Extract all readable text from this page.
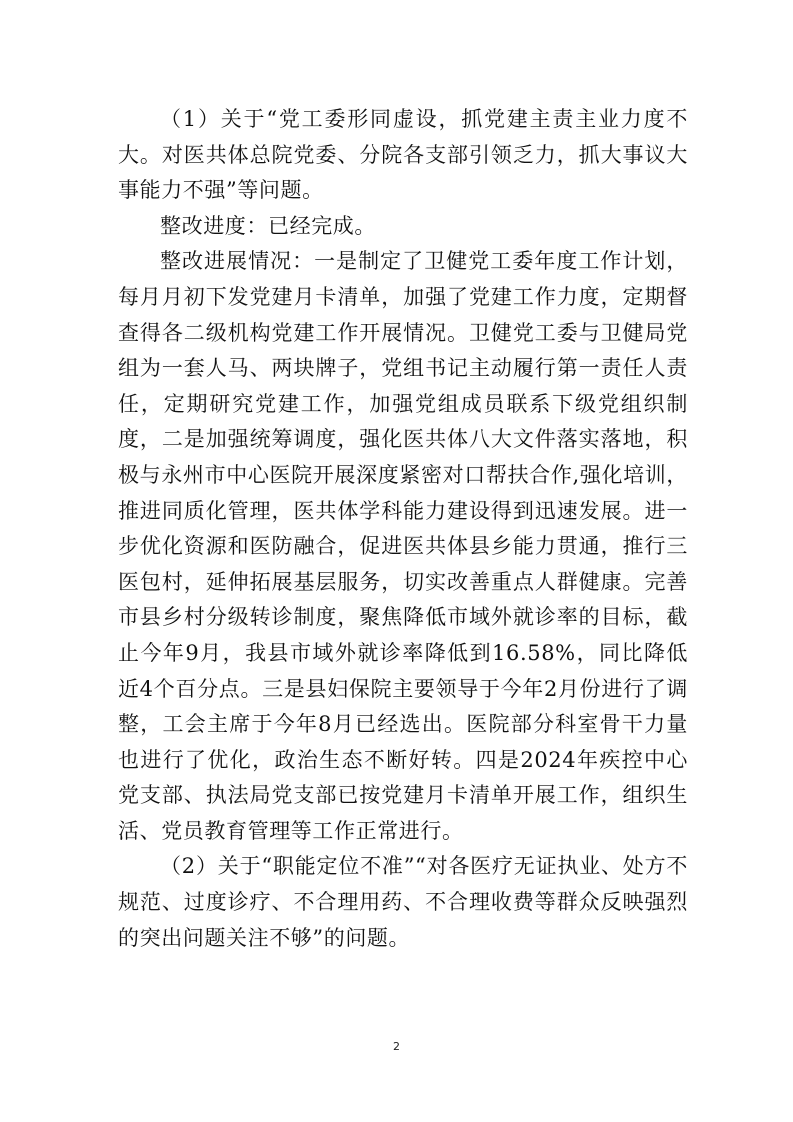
（1）关于“党工委形同虚设，抓党建主责主业力度不大。对医共体总院党委、分院各支部引领乏力，抓大事议大事能力不强”等问题。

整改进度：已经完成。

整改进展情况：一是制定了卫健党工委年度工作计划，每月月初下发党建月卡清单，加强了党建工作力度，定期督查得各二级机构党建工作开展情况。卫健党工委与卫健局党组为一套人马、两块牌子，党组书记主动履行第一责任人责任，定期研究党建工作，加强党组成员联系下级党组织制度，二是加强统筹调度，强化医共体八大文件落实落地，积极与永州市中心医院开展深度紧密对口帮扶合作,强化培训，推进同质化管理，医共体学科能力建设得到迅速发展。进一步优化资源和医防融合，促进医共体县乡能力贯通，推行三医包村，延伸拓展基层服务，切实改善重点人群健康。完善市县乡村分级转诊制度，聚焦降低市域外就诊率的目标，截止今年9月，我县市域外就诊率降低到16.58%，同比降低近4个百分点。三是县妇保院主要领导于今年2月份进行了调整，工会主席于今年8月已经选出。医院部分科室骨干力量也进行了优化，政治生态不断好转。四是2024年疾控中心党支部、执法局党支部已按党建月卡清单开展工作，组织生活、党员教育管理等工作正常进行。

（2）关于“职能定位不准”“对各医疗无证执业、处方不规范、过度诊疗、不合理用药、不合理收费等群众反映强烈的突出问题关注不够”的问题。

2
